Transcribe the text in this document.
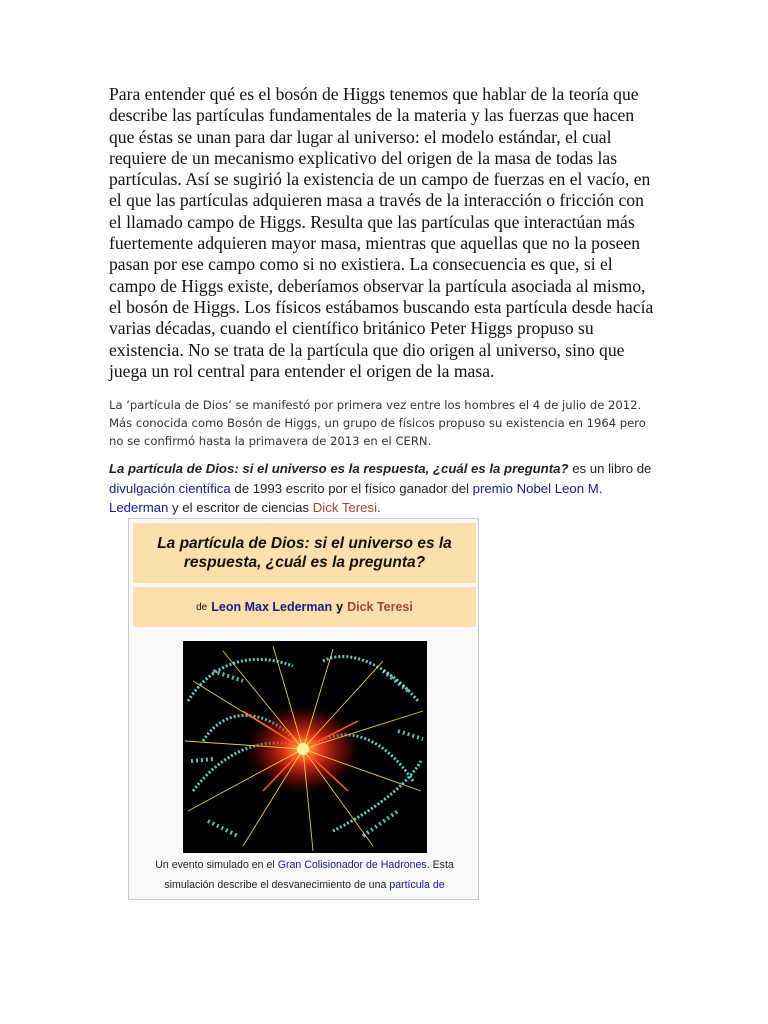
Para entender qué es el bosón de Higgs tenemos que hablar de la teoría que describe las partículas fundamentales de la materia y las fuerzas que hacen que éstas se unan para dar lugar al universo: el modelo estándar, el cual requiere de un mecanismo explicativo del origen de la masa de todas las partículas. Así se sugirió la existencia de un campo de fuerzas en el vacío, en el que las partículas adquieren masa a través de la interacción o fricción con el llamado campo de Higgs. Resulta que las partículas que interactúan más fuertemente adquieren mayor masa, mientras que aquellas que no la poseen pasan por ese campo como si no existiera. La consecuencia es que, si el campo de Higgs existe, deberíamos observar la partícula asociada al mismo, el bosón de Higgs. Los físicos estábamos buscando esta partícula desde hacía varias décadas, cuando el científico británico Peter Higgs propuso su existencia. No se trata de la partícula que dio origen al universo, sino que juega un rol central para entender el origen de la masa.

La ‘partícula de Dios’ se manifestó por primera vez entre los hombres el 4 de julio de 2012. Más conocida como Bosón de Higgs, un grupo de físicos propuso su existencia en 1964 pero no se confirmó hasta la primavera de 2013 en el CERN.

La partícula de Dios: si el universo es la respuesta, ¿cuál es la pregunta? es un libro de divulgación científica de 1993 escrito por el físico ganador del premio Nobel Leon M. Lederman y el escritor de ciencias Dick Teresi.

La partícula de Dios: si el universo es la respuesta, ¿cuál es la pregunta?
de Leon Max Lederman y Dick Teresi
Un evento simulado en el Gran Colisionador de Hadrones. Esta simulación describe el desvanecimiento de una partícula de
